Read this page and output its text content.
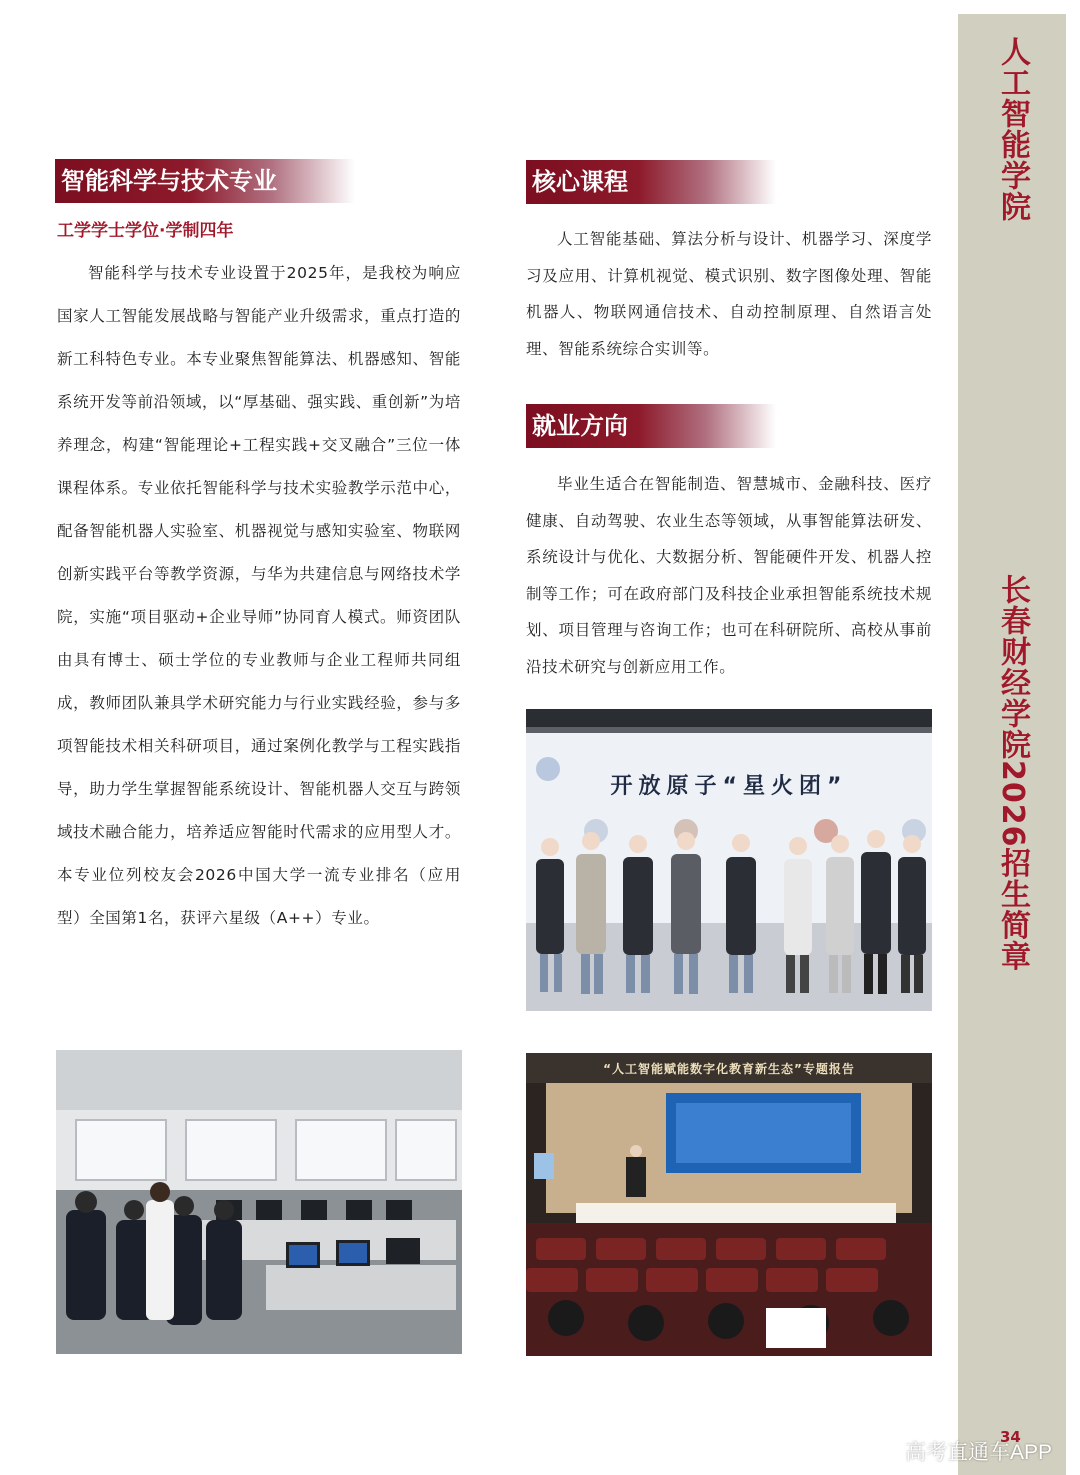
人工智能学院
长春财经学院2026招生简章
34
智能科学与技术专业
工学学士学位·学制四年

智能科学与技术专业设置于2025年，是我校为响应国家人工智能发展战略与智能产业升级需求，重点打造的新工科特色专业。本专业聚焦智能算法、机器感知、智能系统开发等前沿领域，以“厚基础、强实践、重创新”为培养理念，构建“智能理论+工程实践+交叉融合”三位一体课程体系。专业依托智能科学与技术实验教学示范中心，配备智能机器人实验室、机器视觉与感知实验室、物联网创新实践平台等教学资源，与华为共建信息与网络技术学院，实施“项目驱动+企业导师”协同育人模式。师资团队由具有博士、硕士学位的专业教师与企业工程师共同组成，教师团队兼具学术研究能力与行业实践经验，参与多项智能技术相关科研项目，通过案例化教学与工程实践指导，助力学生掌握智能系统设计、智能机器人交互与跨领域技术融合能力，培养适应智能时代需求的应用型人才。本专业位列校友会2026中国大学一流专业排名（应用型）全国第1名，获评六星级（A++）专业。

核心课程

人工智能基础、算法分析与设计、机器学习、深度学习及应用、计算机视觉、模式识别、数字图像处理、智能机器人、物联网通信技术、自动控制原理、自然语言处理、智能系统综合实训等。

就业方向

毕业生适合在智能制造、智慧城市、金融科技、医疗健康、自动驾驶、农业生态等领域，从事智能算法研发、系统设计与优化、大数据分析、智能硬件开发、机器人控制等工作；可在政府部门及科技企业承担智能系统技术规划、项目管理与咨询工作；也可在科研院所、高校从事前沿技术研究与创新应用工作。

开放原子“星火团”
“人工智能赋能数字化教育新生态”专题报告
高考直通车APP
